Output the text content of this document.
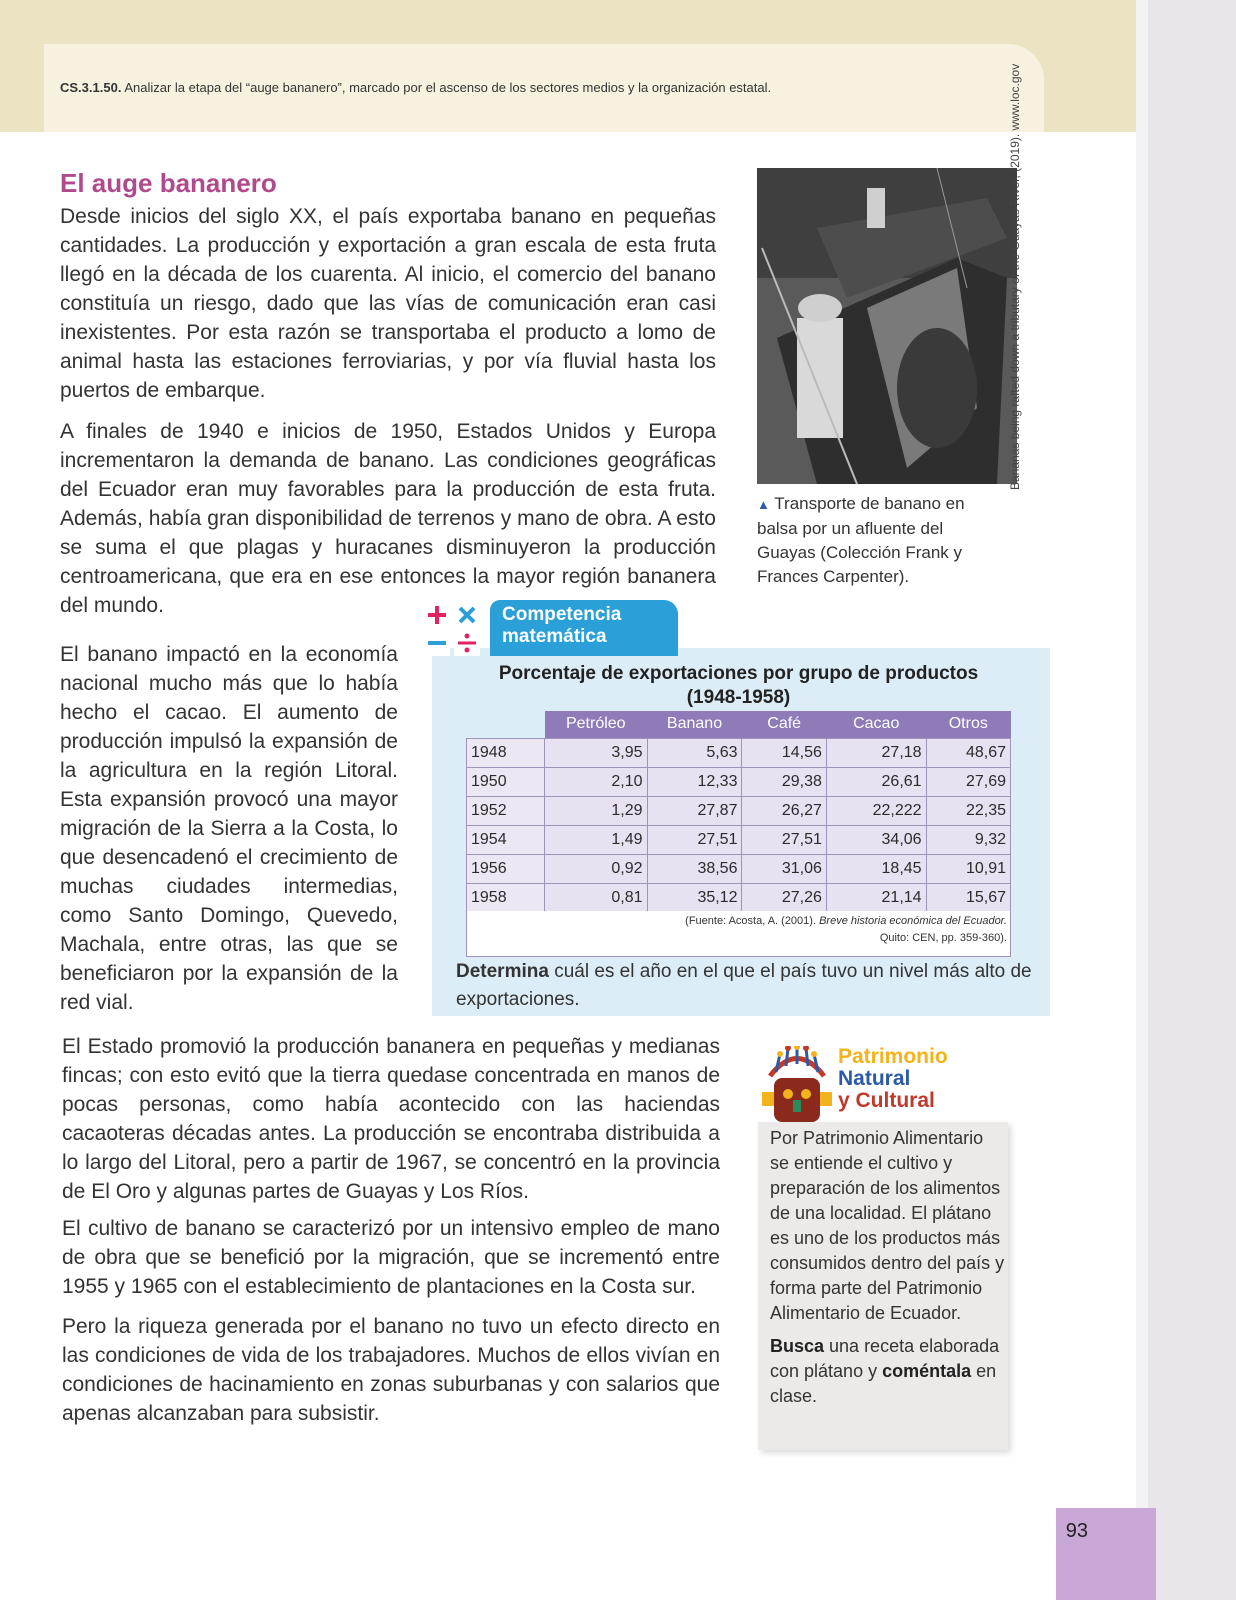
93
CS.3.1.50. Analizar la etapa del “auge bananero”, marcado por el ascenso de los sectores medios y la organización estatal.
El auge bananero
Desde inicios del siglo XX, el país exportaba banano en pequeñas cantidades. La producción y exportación a gran escala de esta fruta llegó en la década de los cuarenta. Al inicio, el comercio del banano constituía un riesgo, dado que las vías de comunicación eran casi inexistentes. Por esta razón se transportaba el producto a lomo de animal hasta las estaciones ferroviarias, y por vía fluvial hasta los puertos de embarque.
A finales de 1940 e inicios de 1950, Estados Unidos y Europa incrementaron la demanda de banano. Las condiciones geográficas del Ecuador eran muy favorables para la producción de esta fruta. Además, había gran disponibilidad de terrenos y mano de obra. A esto se suma el que plagas y huracanes disminuyeron la producción centroamericana, que era en ese entonces la mayor región bananera del mundo.
El banano impactó en la economía nacional mucho más que lo había hecho el cacao. El aumento de producción impulsó la expansión de la agricultura en la región Litoral. Esta expansión provocó una mayor migración de la Sierra a la Costa, lo que desencadenó el crecimiento de muchas ciudades intermedias, como Santo Domingo, Quevedo, Machala, entre otras, las que se beneficiaron por la expansión de la red vial.
El Estado promovió la producción bananera en pequeñas y medianas fincas; con esto evitó que la tierra quedase concentrada en manos de pocas personas, como había acontecido con las haciendas cacaoteras décadas antes. La producción se encontraba distribuida a lo largo del Litoral, pero a partir de 1967, se concentró en la provincia de El Oro y algunas partes de Guayas y Los Ríos.
El cultivo de banano se caracterizó por un intensivo empleo de mano de obra que se benefició por la migración, que se incrementó entre 1955 y 1965 con el establecimiento de plantaciones en la Costa sur.
Pero la riqueza generada por el banano no tuvo un efecto directo en las condiciones de vida de los trabajadores. Muchos de ellos vivían en condiciones de hacinamiento en zonas suburbanas y con salarios que apenas alcanzaban para subsistir.
▲ Transporte de banano en balsa por un afluente del Guayas (Colección Frank y Frances Carpenter).
Bananas being rafted down a tributary of the Guayas River, (2019). www.loc.gov
Competencia
matemática
Porcentaje de exportaciones por grupo de productos
(1948-1958)
	Petróleo	Banano	Café	Cacao	Otros
1948	3,95	5,63	14,56	27,18	48,67
1950	2,10	12,33	29,38	26,61	27,69
1952	1,29	27,87	26,27	22,222	22,35
1954	1,49	27,51	27,51	34,06	9,32
1956	0,92	38,56	31,06	18,45	10,91
1958	0,81	35,12	27,26	21,14	15,67
(Fuente: Acosta, A. (2001). Breve historia económica del Ecuador.
Quito: CEN, pp. 359-360).
Determina cuál es el año en el que el país tuvo un nivel más alto de exportaciones.
Patrimonio
Natural
y Cultural
Por Patrimonio Alimentario se entiende el cultivo y preparación de los alimentos de una localidad. El plátano es uno de los productos más consumidos dentro del país y forma parte del Patrimonio Alimentario de Ecuador.
Busca una receta elaborada con plátano y coméntala en clase.
